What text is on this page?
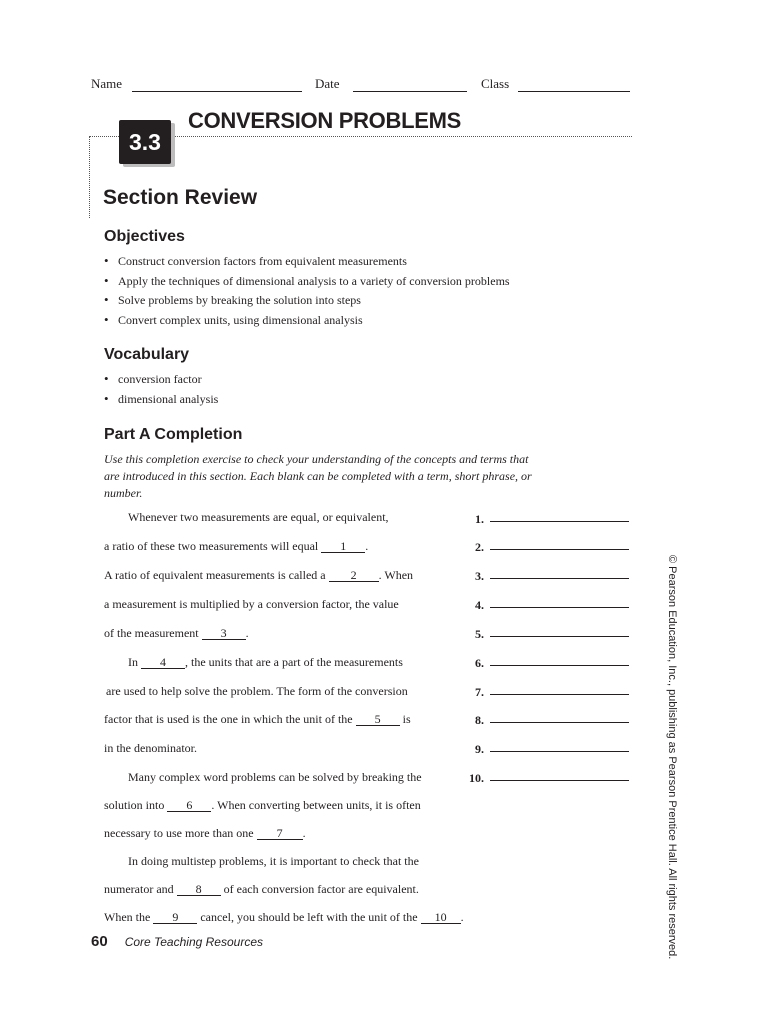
Name	Date	Class
3.3
CONVERSION PROBLEMS
Section Review
Objectives
• Construct conversion factors from equivalent measurements
• Apply the techniques of dimensional analysis to a variety of conversion problems
• Solve problems by breaking the solution into steps
• Convert complex units, using dimensional analysis
Vocabulary
• conversion factor
• dimensional analysis
Part A Completion
Use this completion exercise to check your understanding of the concepts and terms that are introduced in this section. Each blank can be completed with a term, short phrase, or number.
Whenever two measurements are equal, or equivalent,
a ratio of these two measurements will equal 1 .
A ratio of equivalent measurements is called a 2 . When
a measurement is multiplied by a conversion factor, the value
of the measurement 3 .
In 4 , the units that are a part of the measurements
are used to help solve the problem. The form of the conversion
factor that is used is the one in which the unit of the 5 is
in the denominator.
Many complex word problems can be solved by breaking the
solution into 6 . When converting between units, it is often
necessary to use more than one 7 .
In doing multistep problems, it is important to check that the
numerator and 8 of each conversion factor are equivalent.
When the 9 cancel, you should be left with the unit of the 10 .
1.
2.
3.
4.
5.
6.
7.
8.
9.
10.	© Pearson Education, Inc., publishing as Pearson Prentice Hall. All rights reserved.
60 Core Teaching Resources
